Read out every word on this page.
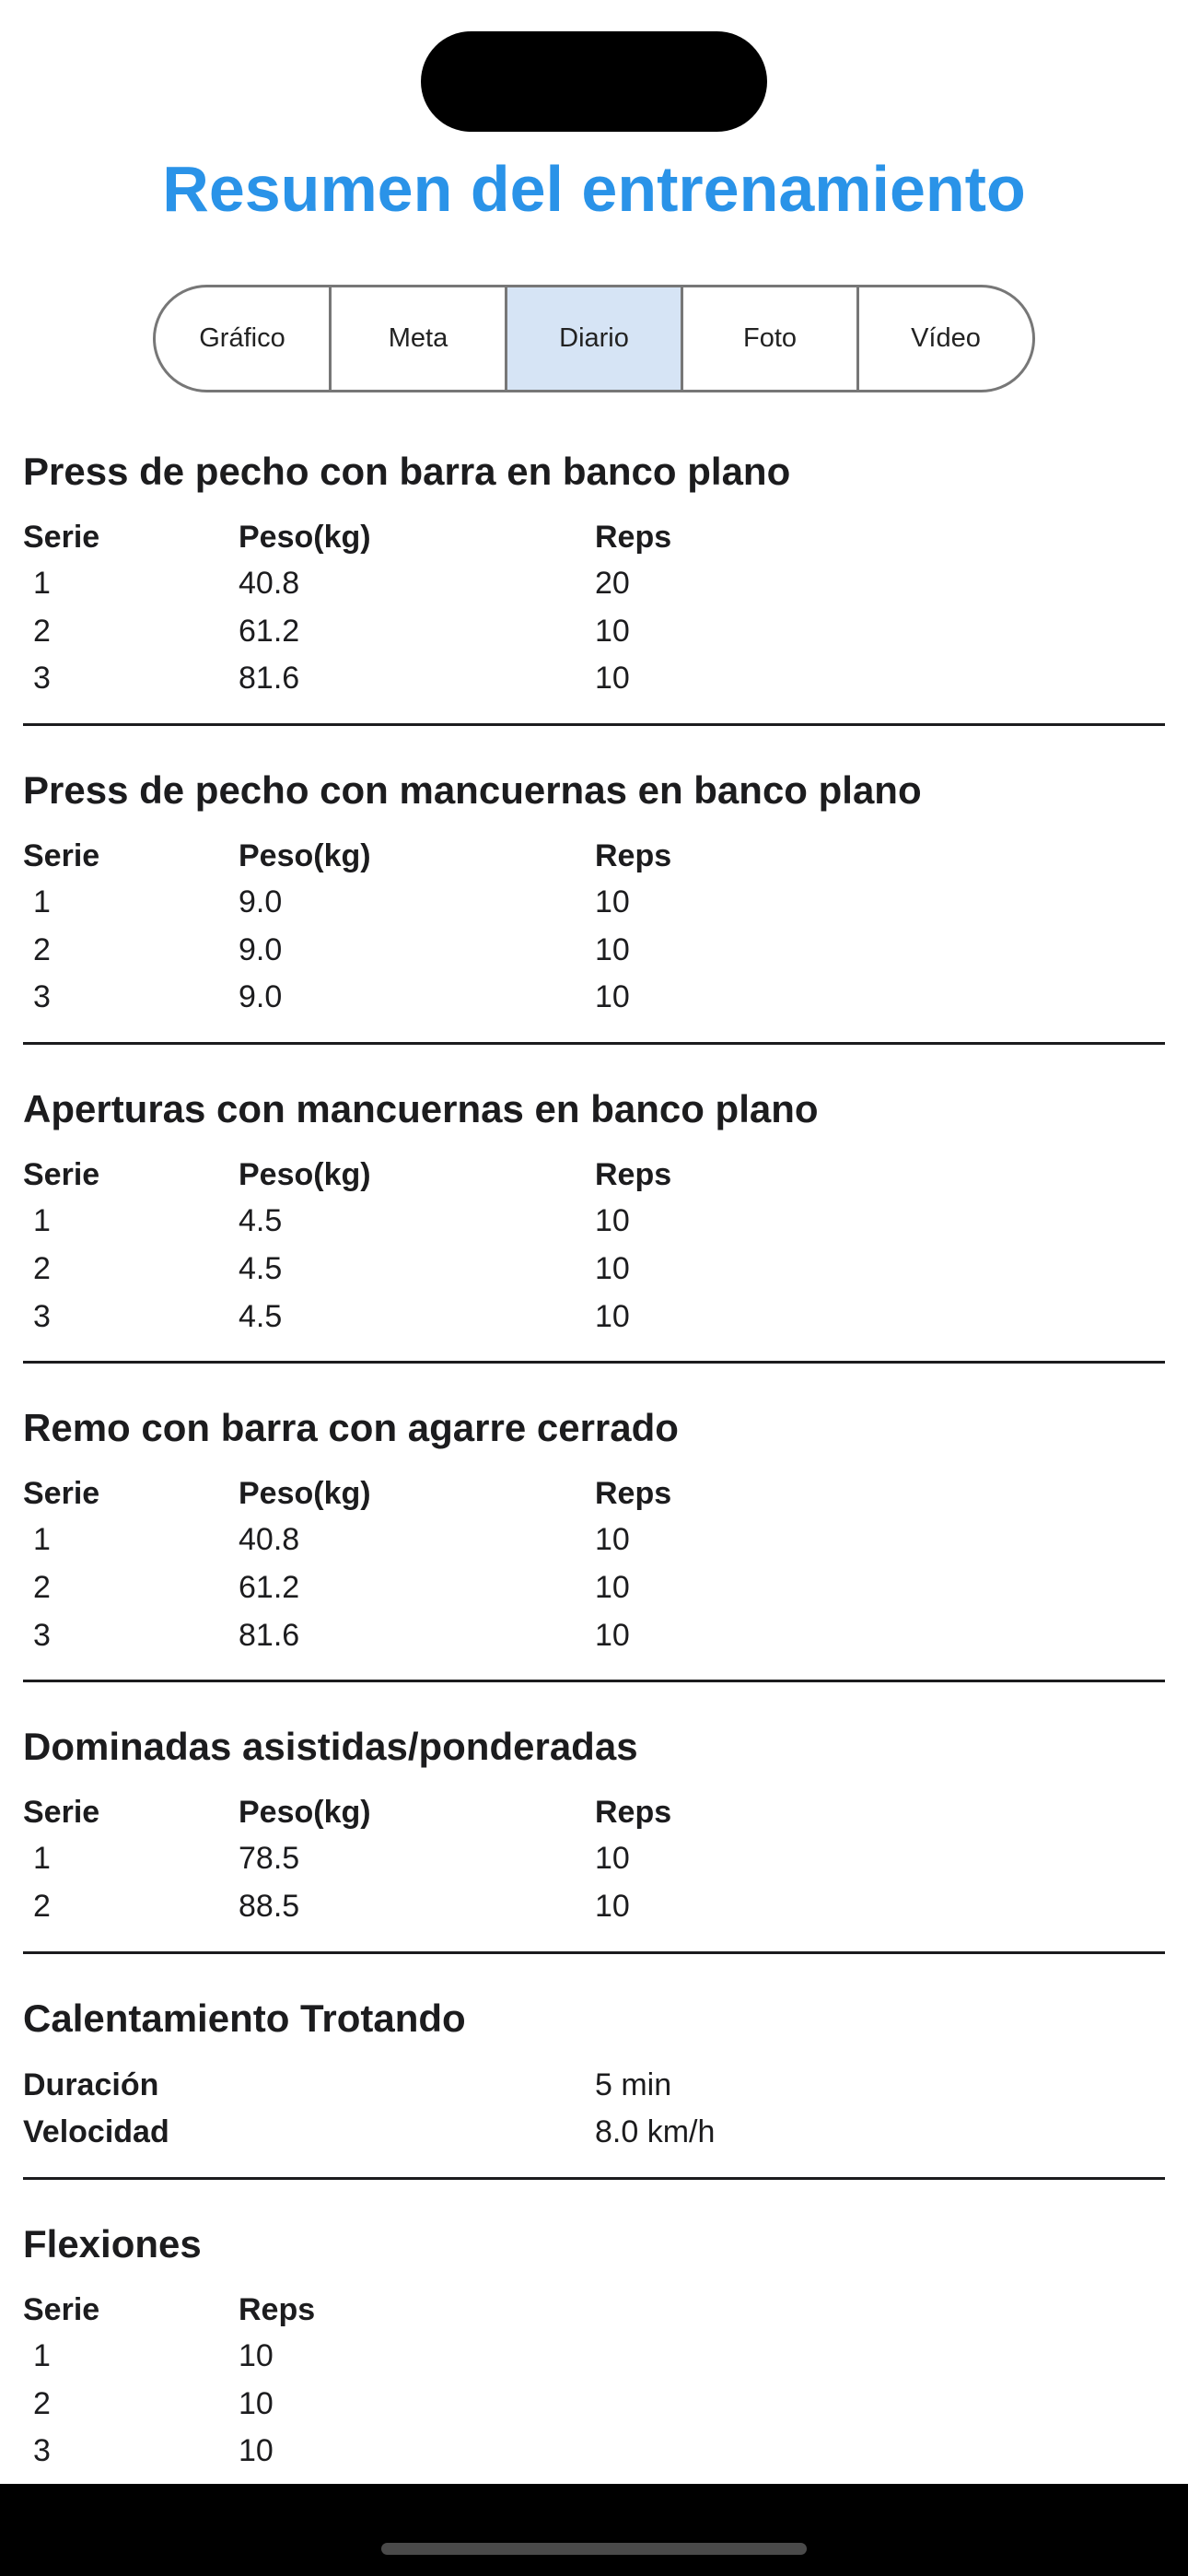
Resumen del entrenamiento
Gráfico	Meta	Diario	Foto	Vídeo
Press de pecho con barra en banco plano
Serie	Peso(kg)	Reps
1	40.8	20
2	61.2	10
3	81.6	10
Press de pecho con mancuernas en banco plano
Serie	Peso(kg)	Reps
1	9.0	10
2	9.0	10
3	9.0	10
Aperturas con mancuernas en banco plano
Serie	Peso(kg)	Reps
1	4.5	10
2	4.5	10
3	4.5	10
Remo con barra con agarre cerrado
Serie	Peso(kg)	Reps
1	40.8	10
2	61.2	10
3	81.6	10
Dominadas asistidas/ponderadas
Serie	Peso(kg)	Reps
1	78.5	10
2	88.5	10
Calentamiento Trotando
Duración	5 min
Velocidad	8.0 km/h
Flexiones
Serie	Reps
1	10
2	10
3	10
